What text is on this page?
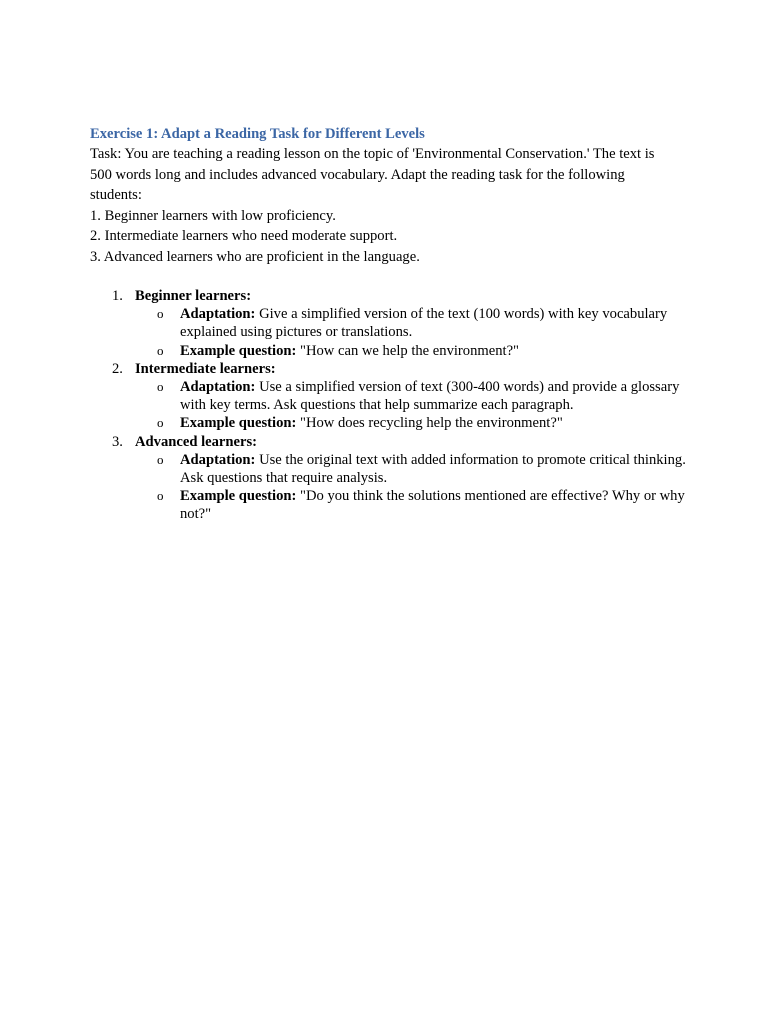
Exercise 1: Adapt a Reading Task for Different Levels

Task: You are teaching a reading lesson on the topic of 'Environmental Conservation.' The text is
500 words long and includes advanced vocabulary. Adapt the reading task for the following
students:
1. Beginner learners with low proficiency.
2. Intermediate learners who need moderate support.
3. Advanced learners who are proficient in the language.

1. Beginner learners:
o Adaptation: Give a simplified version of the text (100 words) with key vocabulary explained using pictures or translations.
o Example question: "How can we help the environment?"
2. Intermediate learners:
o Adaptation: Use a simplified version of text (300-400 words) and provide a glossary with key terms. Ask questions that help summarize each paragraph.
o Example question: "How does recycling help the environment?"
3. Advanced learners:
o Adaptation: Use the original text with added information to promote critical thinking. Ask questions that require analysis.
o Example question: "Do you think the solutions mentioned are effective? Why or why not?"
